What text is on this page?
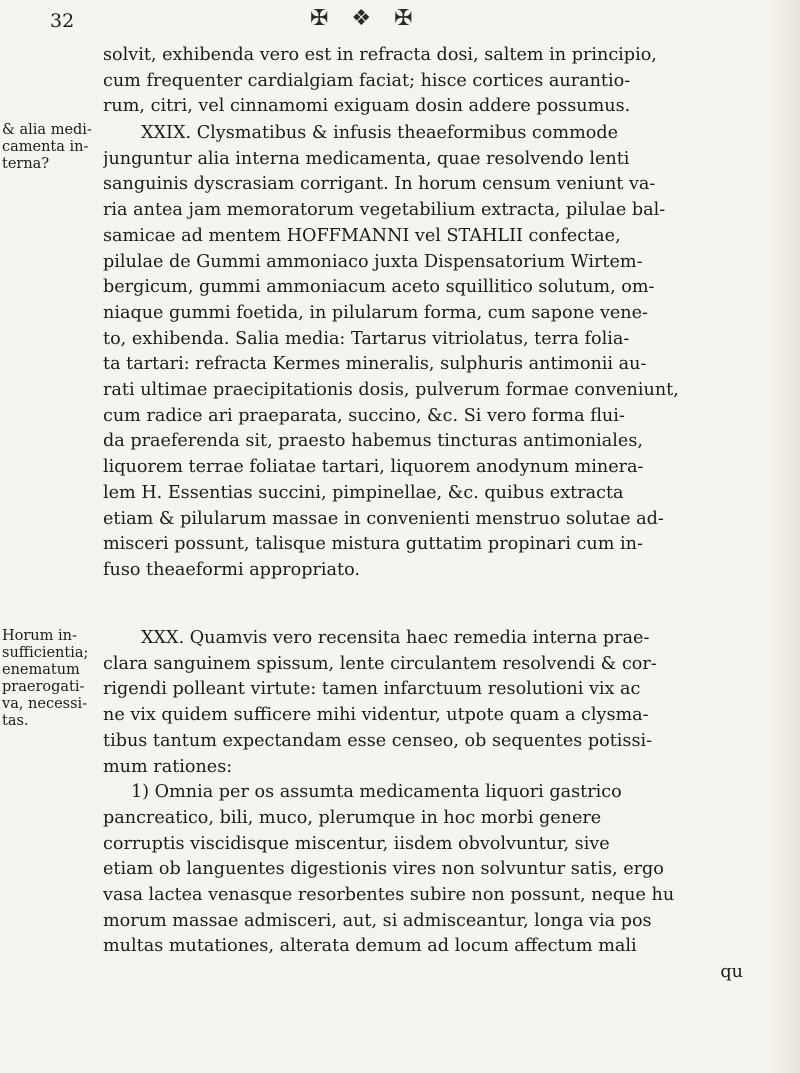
32	✠ ❖ ✠
solvit, exhibenda vero est in refracta dosi, saltem in principio,
cum frequenter cardialgiam faciat; hisce cortices aurantio-
rum, citri, vel cinnamomi exiguam dosin addere possumus.
& alia medi-
camenta in-
terna?
XXIX. Clysmatibus & infusis theaeformibus commode
junguntur alia interna medicamenta, quae resolvendo lenti
sanguinis dyscrasiam corrigant. In horum censum veniunt va-
ria antea jam memoratorum vegetabilium extracta, pilulae bal-
samicae ad mentem HOFFMANNI vel STAHLII confectae,
pilulae de Gummi ammoniaco juxta Dispensatorium Wirtem-
bergicum, gummi ammoniacum aceto squillitico solutum, om-
niaque gummi foetida, in pilularum forma, cum sapone vene-
to, exhibenda. Salia media: Tartarus vitriolatus, terra folia-
ta tartari: refracta Kermes mineralis, sulphuris antimonii au-
rati ultimae praecipitationis dosis, pulverum formae conveniunt,
cum radice ari praeparata, succino, &c. Si vero forma flui-
da praeferenda sit, praesto habemus tincturas antimoniales,
liquorem terrae foliatae tartari, liquorem anodynum minera-
lem H. Essentias succini, pimpinellae, &c. quibus extracta
etiam & pilularum massae in convenienti menstruo solutae ad-
misceri possunt, talisque mistura guttatim propinari cum in-
fuso theaeformi appropriato.
Horum in-
sufficientia;
enematum
praerogati-
va, necessi-
tas.
XXX. Quamvis vero recensita haec remedia interna prae-
clara sanguinem spissum, lente circulantem resolvendi & cor-
rigendi polleant virtute: tamen infarctuum resolutioni vix ac
ne vix quidem sufficere mihi videntur, utpote quam a clysma-
tibus tantum expectandam esse censeo, ob sequentes potissi-
mum rationes:
1) Omnia per os assumta medicamenta liquori gastrico
pancreatico, bili, muco, plerumque in hoc morbi genere
corruptis viscidisque miscentur, iisdem obvolvuntur, sive
etiam ob languentes digestionis vires non solvuntur satis, ergo
vasa lactea venasque resorbentes subire non possunt, neque hu
morum massae admisceri, aut, si admisceantur, longa via pos
multas mutationes, alterata demum ad locum affectum mali
qu
